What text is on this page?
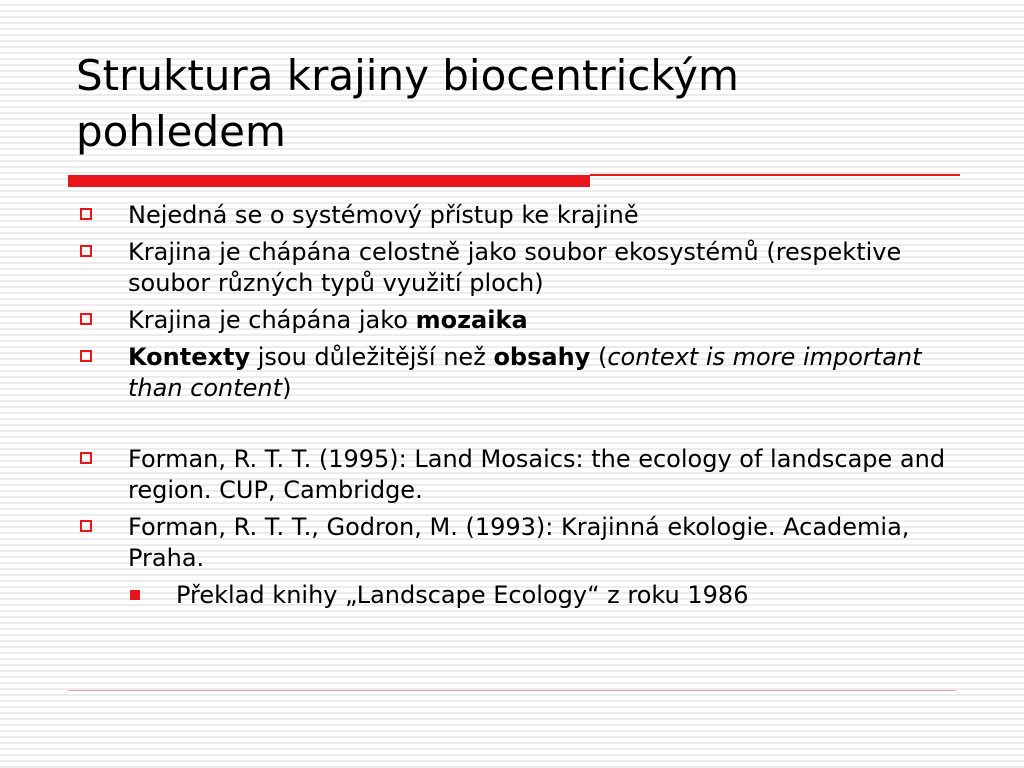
Struktura krajiny biocentrickým pohledem
Nejedná se o systémový přístup ke krajině
Krajina je chápána celostně jako soubor ekosystémů (respektive soubor různých typů využití ploch)
Krajina je chápána jako mozaika
Kontexty jsou důležitější než obsahy (context is more important than content)
Forman, R. T. T. (1995): Land Mosaics: the ecology of landscape and region. CUP, Cambridge.
Forman, R. T. T., Godron, M. (1993): Krajinná ekologie. Academia, Praha.
Překlad knihy „Landscape Ecology“ z roku 1986
